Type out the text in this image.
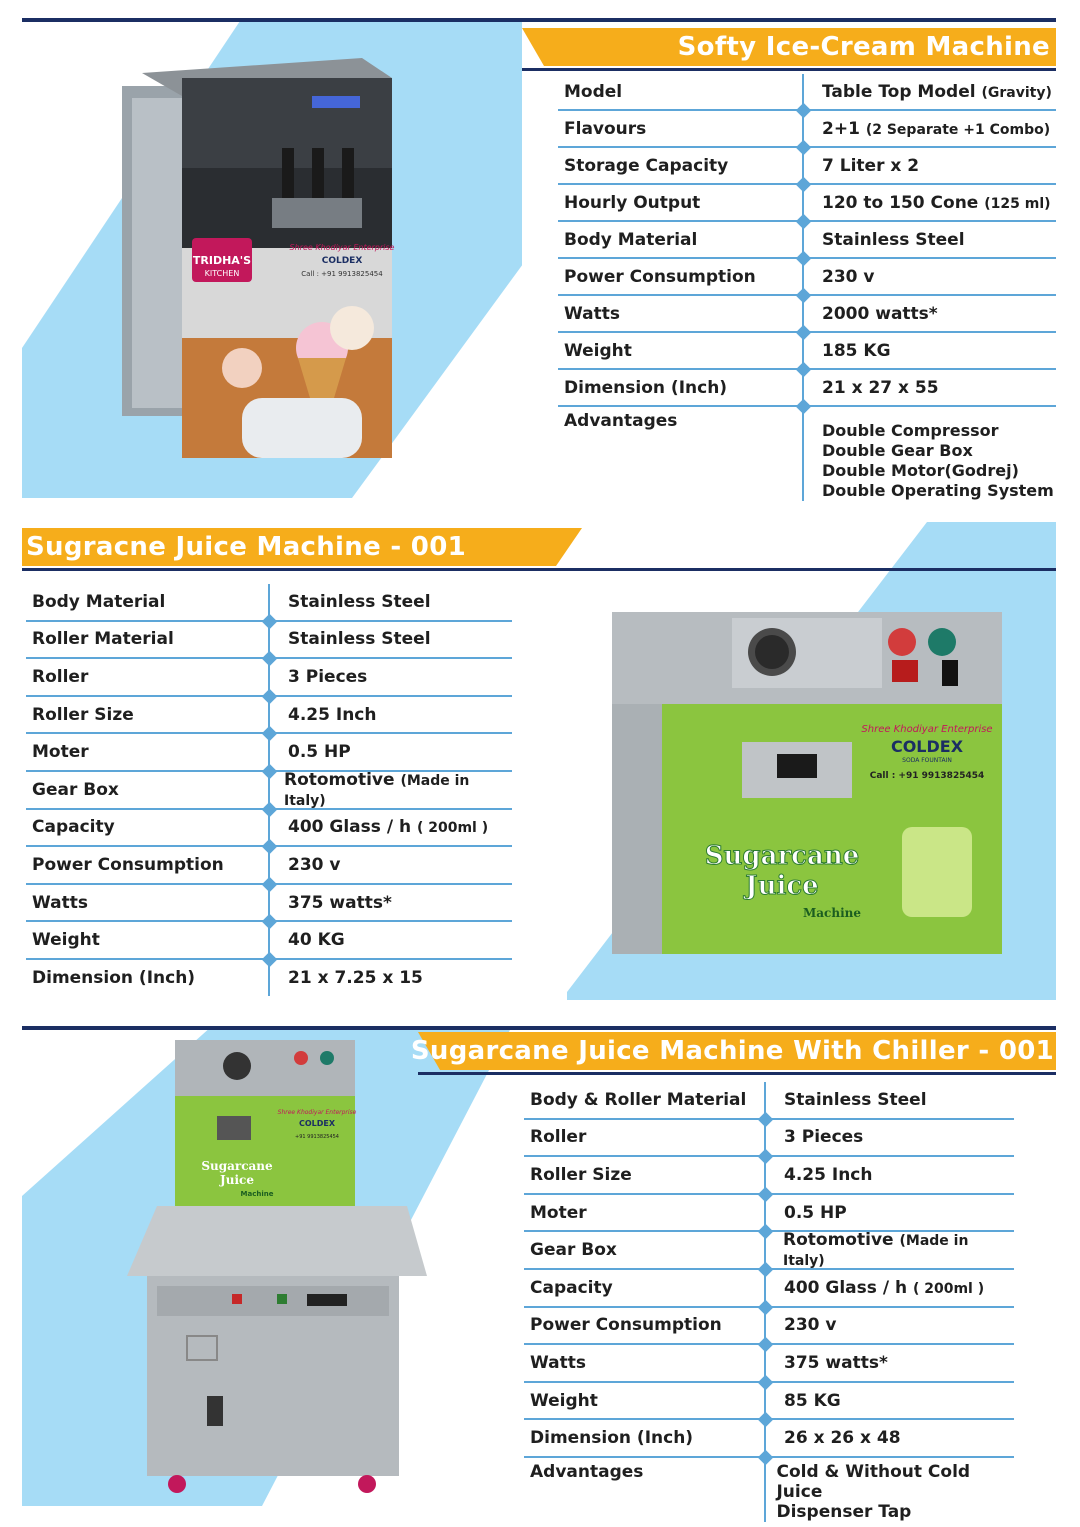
Softy Ice-Cream Machine
TRIDHA'S
KITCHEN
Shree Khodiyar Enterprise
COLDEX
Call : +91 9913825454
Model	Table Top Model (Gravity)
Flavours	2+1 (2 Separate +1 Combo)
Storage Capacity	7 Liter x 2
Hourly Output	120 to 150 Cone (125 ml)
Body Material	Stainless Steel
Power Consumption	230 v
Watts	2000 watts*
Weight	185 KG
Dimension (Inch)	21 x 27 x 55
Advantages	Double Compressor
Double Gear Box
Double Motor(Godrej)
Double Operating System
Sugracne Juice Machine - 001
Shree Khodiyar Enterprise
COLDEX
SODA FOUNTAIN
Call : +91 9913825454
Sugarcane
Juice
Machine
Body Material	Stainless Steel
Roller Material	Stainless Steel
Roller	3 Pieces
Roller Size	4.25 Inch
Moter	0.5 HP
Gear Box	Rotomotive (Made in Italy)
Capacity	400 Glass / h ( 200ml )
Power Consumption	230 v
Watts	375 watts*
Weight	40 KG
Dimension (Inch)	21 x 7.25 x 15
Sugarcane Juice Machine With Chiller - 001
Shree Khodiyar Enterprise
COLDEX
+91 9913825454
Sugarcane
Juice
Machine
Body & Roller Material	Stainless Steel
Roller	3 Pieces
Roller Size	4.25 Inch
Moter	0.5 HP
Gear Box	Rotomotive (Made in Italy)
Capacity	400 Glass / h ( 200ml )
Power Consumption	230 v
Watts	375 watts*
Weight	85 KG
Dimension (Inch)	26 x 26 x 48
Advantages	Cold & Without Cold Juice
Dispenser Tap
